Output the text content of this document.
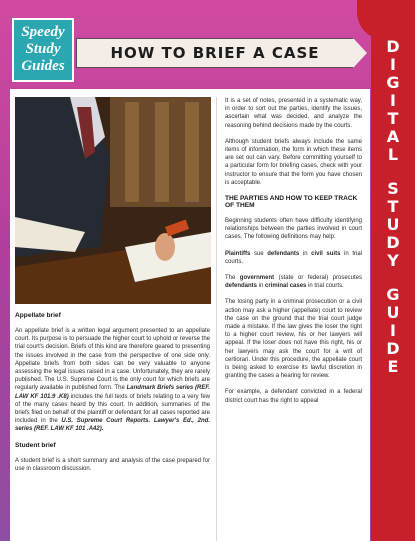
Speedy
Study
Guides
HOW TO BRIEF A CASE	D
I
G
I
T
A
L
S
T
U
D
Y
G
U
I
D
E
Appellate brief

An appellate brief is a written legal argument presented to an appellate court. Its purpose is to persuade the higher court to uphold or reverse the trial court's decision. Briefs of this kind are therefore geared to presenting the issues involved in the case from the perspective of one side only. Appellate briefs from both sides can be very valuable to anyone assessing the legal issues raised in a case. Unfortunately, they are rarely published. The U.S. Supreme Court is the only court for which briefs are regularly available in published form. The Landmark Briefs series (REF. LAW KF 101.9 .K8) includes the full texts of briefs relating to a very few of the many cases heard by this court. In addition, summaries of the briefs filed on behalf of the plaintiff or defendant for all cases reported are included in the U.S. Supreme Court Reports. Lawyer's Ed., 2nd. series (REF. LAW KF 101 .A42).

Student brief

A student brief is a short summary and analysis of the case prepared for use in classroom discussion.

It is a set of notes, presented in a systematic way, in order to sort out the parties, identify the issues, ascertain what was decided, and analyze the reasoning behind decisions made by the courts.

Although student briefs always include the same items of information, the form in which these items are set out can vary. Before committing yourself to a particular form for briefing cases, check with your instructor to ensure that the form you have chosen is acceptable.

THE PARTIES AND HOW TO KEEP TRACK OF THEM

Beginning students often have difficulty identifying relationships between the parties involved in court cases. The following definitions may help:

Plaintiffs sue defendants in civil suits in trial courts.

The government (state or federal) prosecutes defendants in criminal cases in trial courts.

The losing party in a criminal prosecution or a civil action may ask a higher (appellate) court to review the case on the ground that the trial court judge made a mistake. If the law gives the loser the right to a higher court review, his or her lawyers will appeal. If the loser does not have this right, his or her lawyers may ask the court for a writ of certiorari. Under this procedure, the appellate court is being asked to exercise its lawful discretion in granting the cases a hearing for review.

For example, a defendant convicted in a federal district court has the right to appeal
